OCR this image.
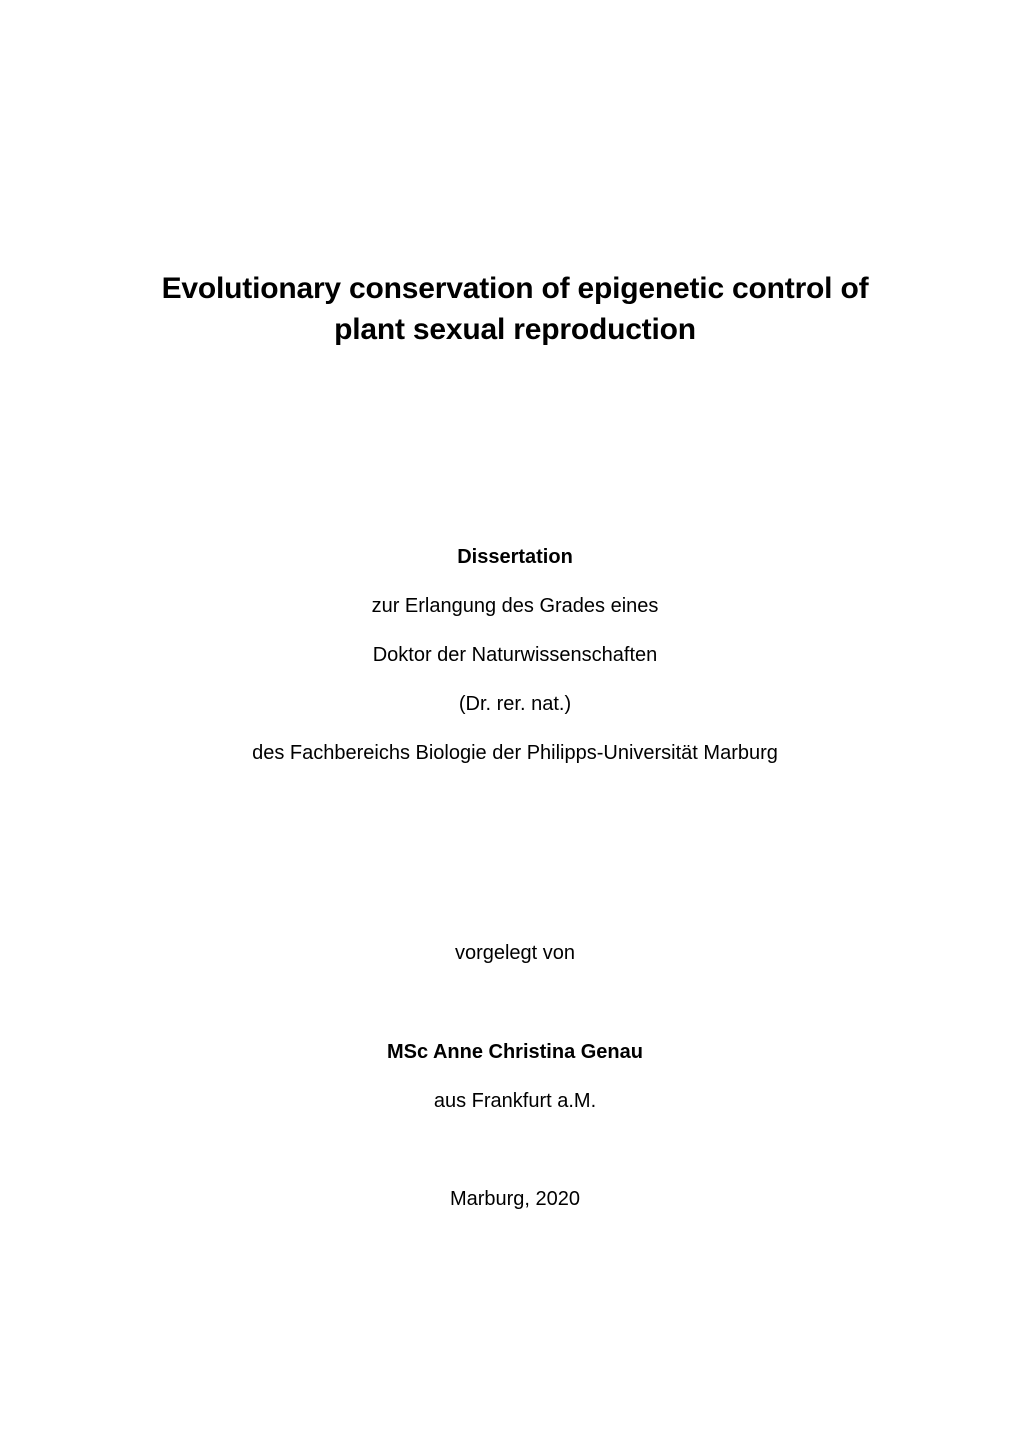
Evolutionary conservation of epigenetic control of
plant sexual reproduction
Dissertation
zur Erlangung des Grades eines
Doktor der Naturwissenschaften
(Dr. rer. nat.)
des Fachbereichs Biologie der Philipps-Universität Marburg
vorgelegt von
MSc Anne Christina Genau
aus Frankfurt a.M.
Marburg, 2020
